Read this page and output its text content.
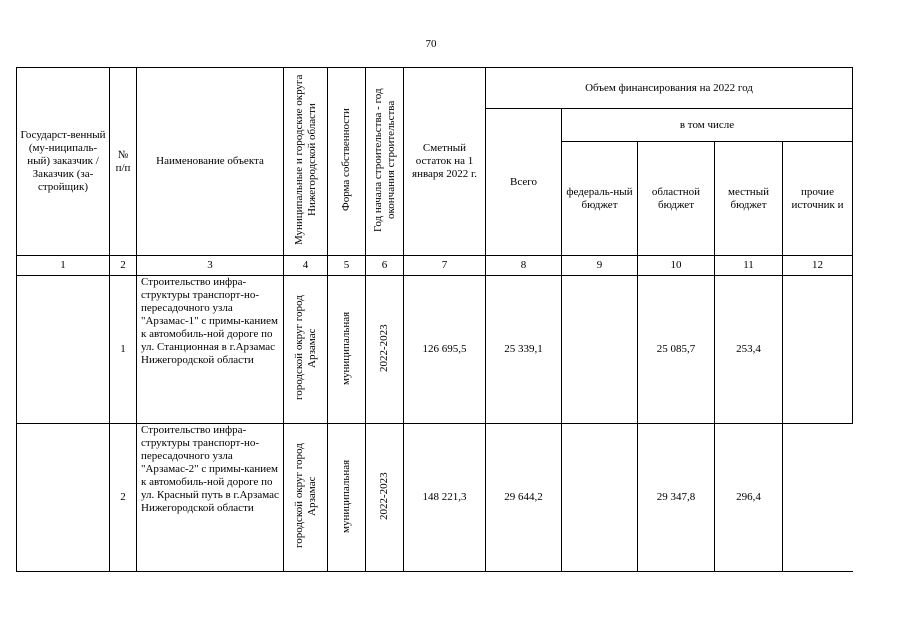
70
Государст-венный (му-ниципаль-ный) заказчик / Заказчик (за-стройщик)	№ п/п	Наименование объекта	Муниципальные и городские округа Нижегородской области	Форма собственности	Год начала строительства - год окончания строительства	Сметный остаток на 1 января 2022 г.	Объем финансирования на 2022 год				
							Всего	в том числе			
								федераль-ный бюджет	областной бюджет	местный бюджет	прочие источник и
1	2	3	4	5	6	7	8	9	10	11	12
	1	Строительство инфра-структуры транспорт-но-пересадочного узла "Арзамас-1" с примы-канием к автомобиль-ной дороге по ул. Станционная в г.Арзамас Нижегородской области	городской округ город Арзамас	муниципальная	2022-2023	126 695,5	25 339,1		25 085,7	253,4	
	2	Строительство инфра-структуры транспорт-но-пересадочного узла "Арзамас-2" с примы-канием к автомобиль-ной дороге по ул. Красный путь в г.Арзамас Нижегородской области	городской округ город Арзамас	муниципальная	2022-2023	148 221,3	29 644,2		29 347,8	296,4	
